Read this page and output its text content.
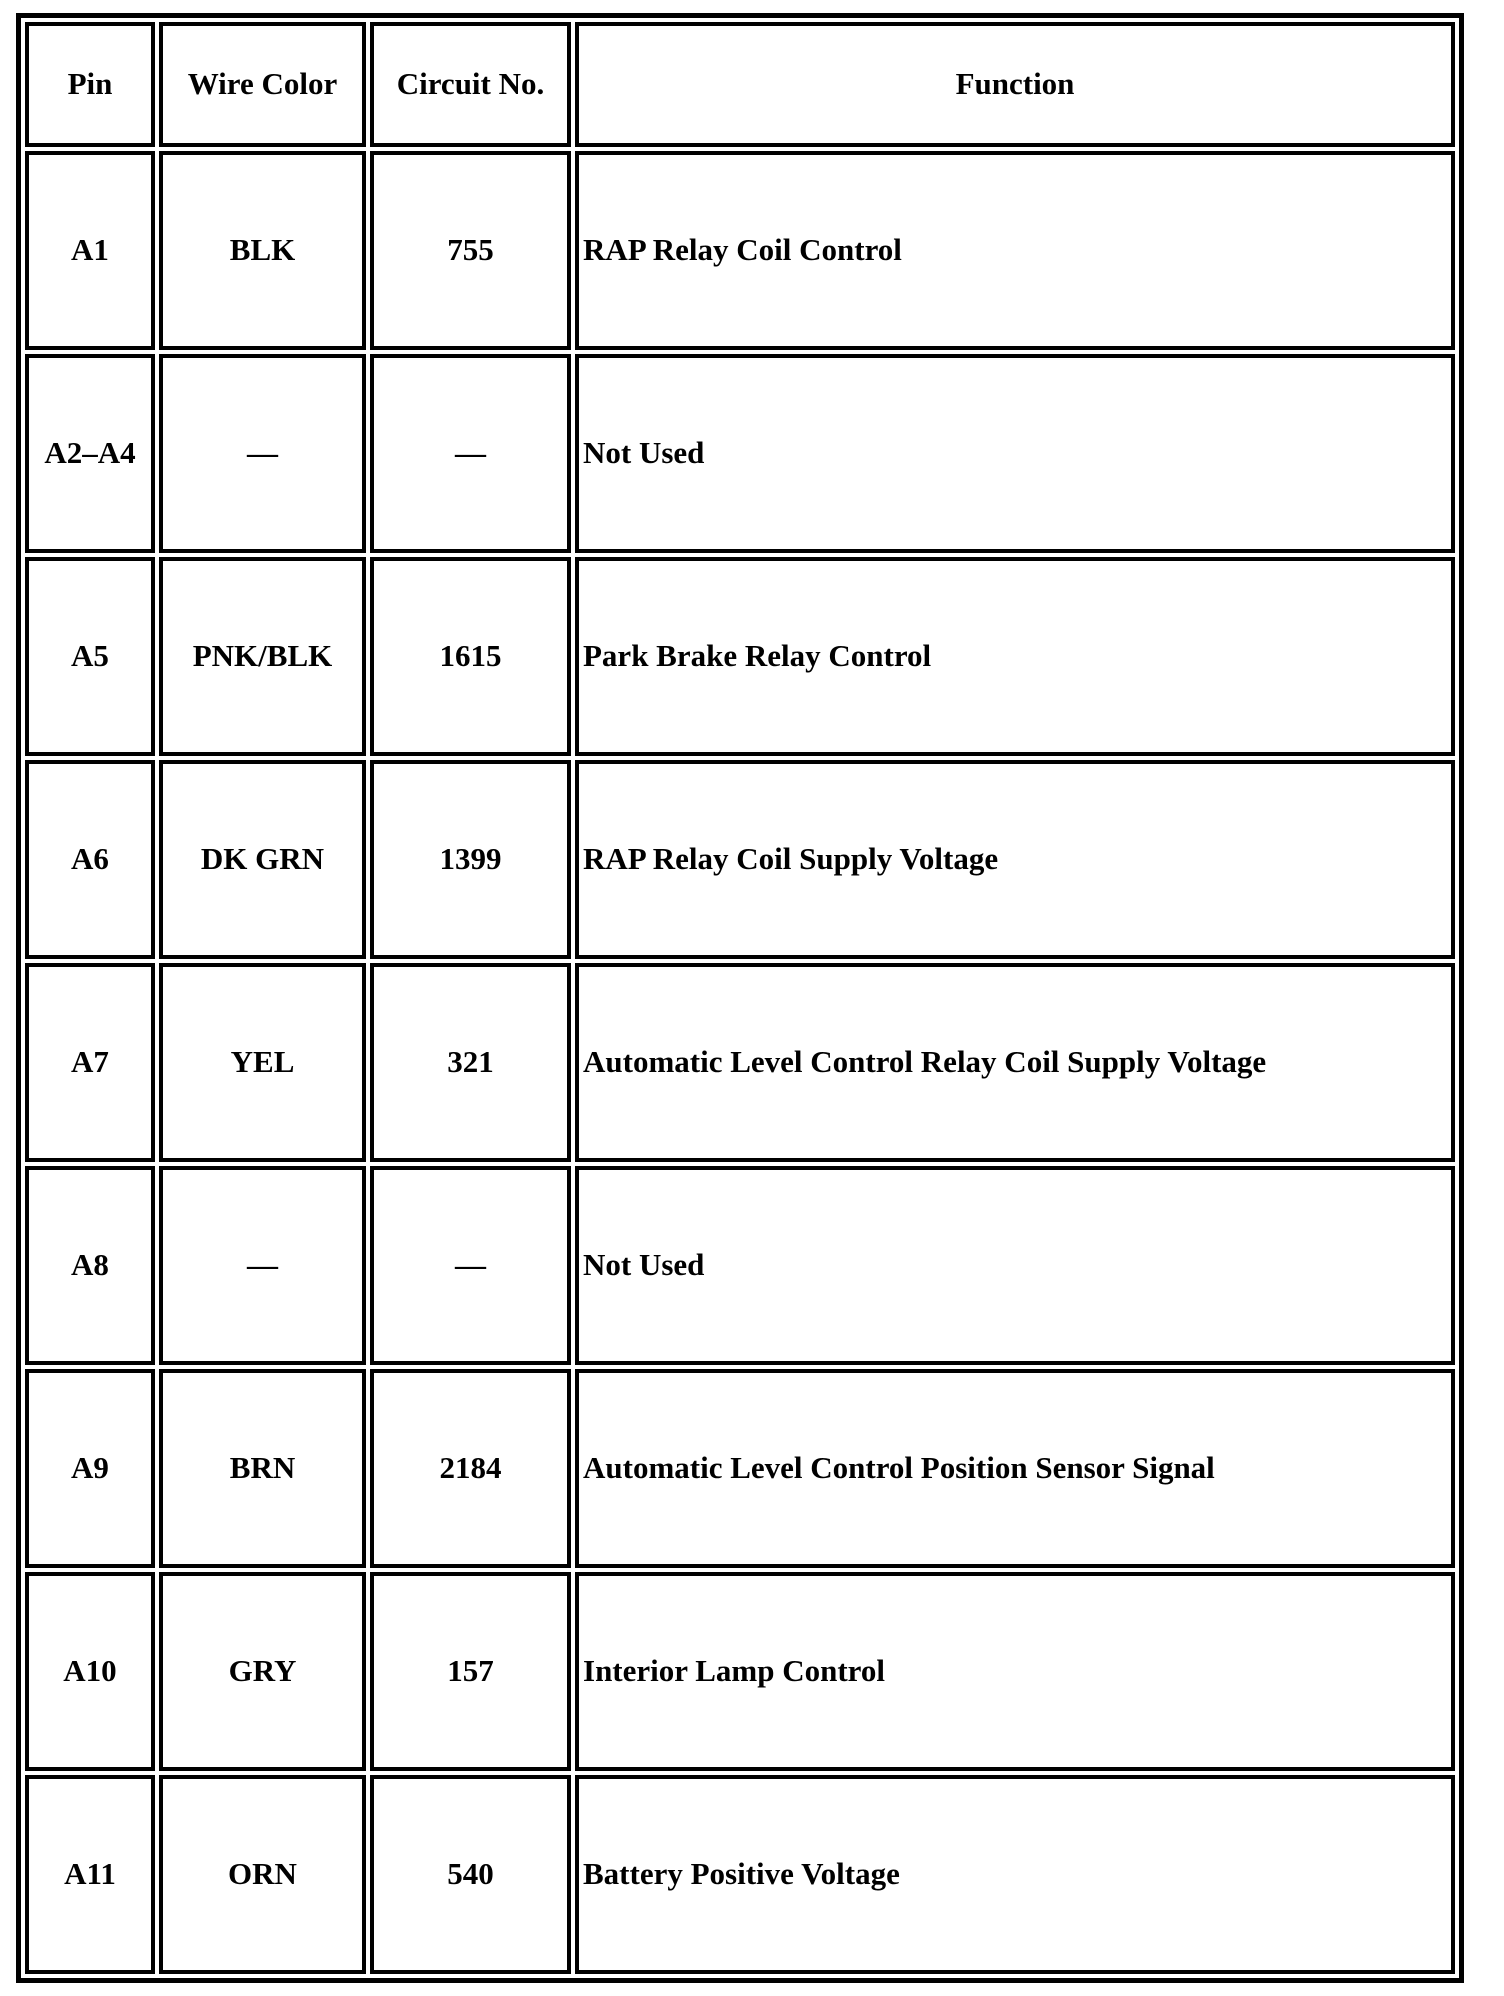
Pin	Wire Color	Circuit No.	Function
A1	BLK	755	RAP Relay Coil Control
A2–A4	—	—	Not Used
A5	PNK/BLK	1615	Park Brake Relay Control
A6	DK GRN	1399	RAP Relay Coil Supply Voltage
A7	YEL	321	Automatic Level Control Relay Coil Supply Voltage
A8	—	—	Not Used
A9	BRN	2184	Automatic Level Control Position Sensor Signal
A10	GRY	157	Interior Lamp Control
A11	ORN	540	Battery Positive Voltage
